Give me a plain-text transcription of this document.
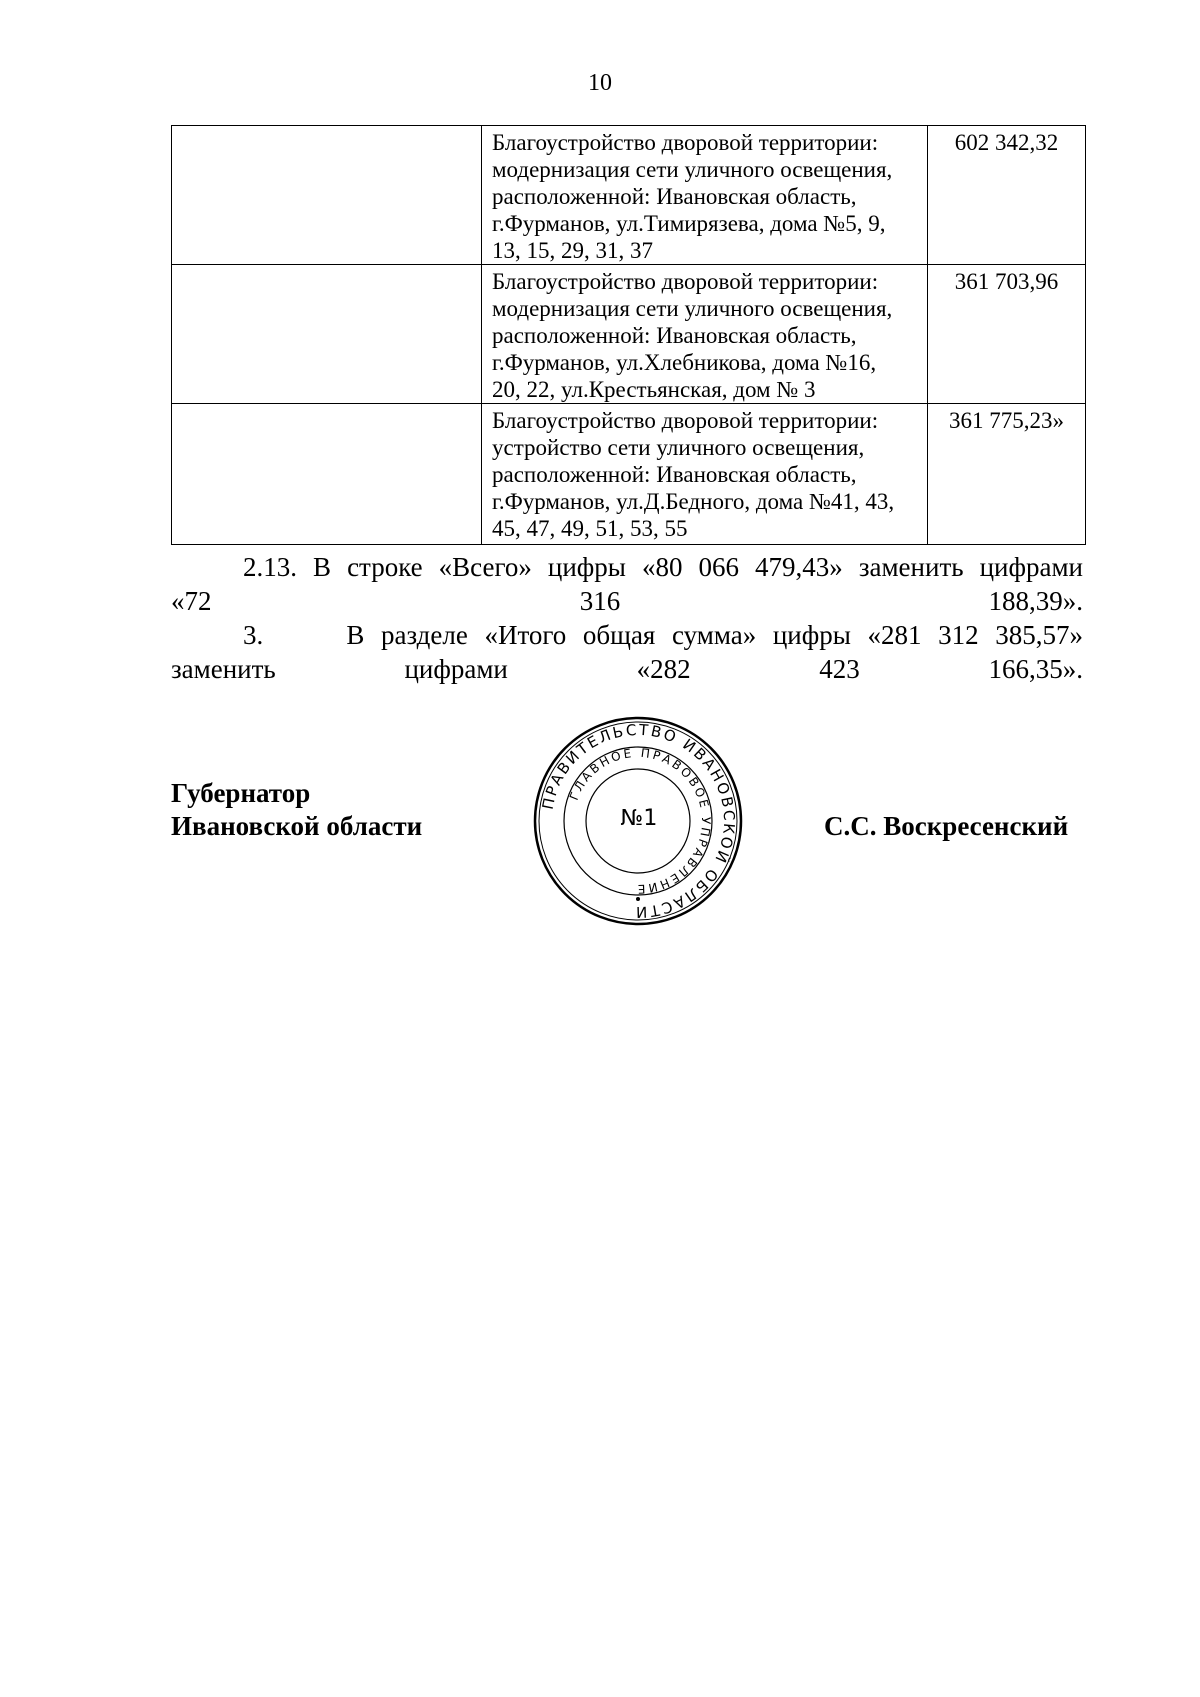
10

	Благоустройство дворовой территории:
модернизация сети уличного освещения,
расположенной: Ивановская область,
г.Фурманов, ул.Тимирязева, дома №5, 9,
13, 15, 29, 31, 37	602 342,32

	Благоустройство дворовой территории:
модернизация сети уличного освещения,
расположенной: Ивановская область,
г.Фурманов, ул.Хлебникова, дома №16,
20, 22, ул.Крестьянская, дом № 3	361 703,96

	Благоустройство дворовой территории:
устройство сети уличного освещения,
расположенной: Ивановская область,
г.Фурманов, ул.Д.Бедного, дома №41, 43,
45, 47, 49, 51, 53, 55	361 775,23»

2.13. В строке «Всего» цифры «80 066 479,43» заменить цифрами
«72 316 188,39».

3.     В разделе «Итого общая сумма» цифры «281 312 385,57»
заменить цифрами «282 423 166,35».

Губернатор
Ивановской области
ПРАВИТЕЛЬСТВО ИВАНОВСКОЙ ОБЛАСТИ
ГЛАВНОЕ ПРАВОВОЕ УПРАВЛЕНИЕ
№1	С.С. Воскресенский
